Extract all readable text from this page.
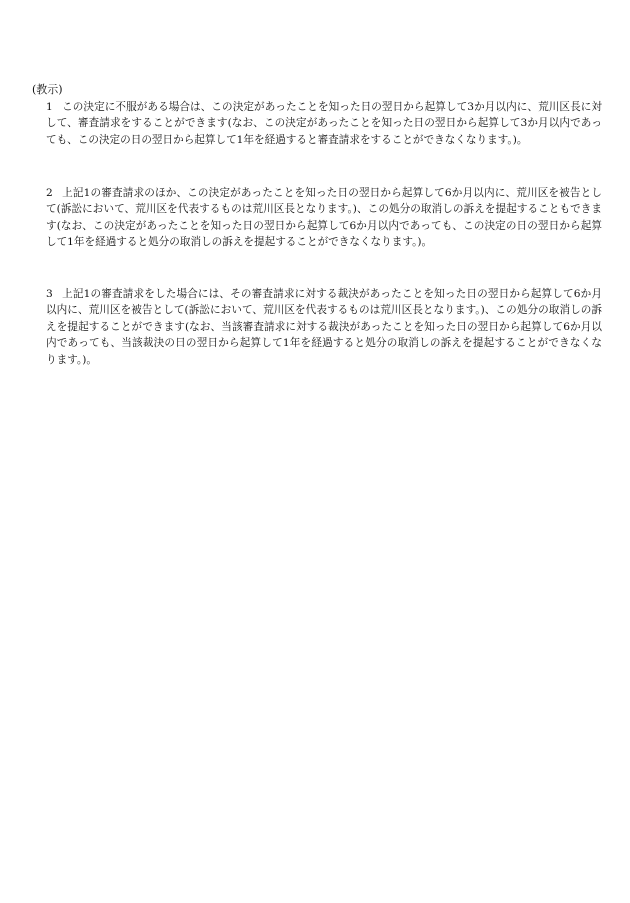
(教示)
1 この決定に不服がある場合は、この決定があったことを知った日の翌日から起算して3か月以内に、荒川区長に対して、審査請求をすることができます(なお、この決定があったことを知った日の翌日から起算して3か月以内であっても、この決定の日の翌日から起算して1年を経過すると審査請求をすることができなくなります。)。
2 上記1の審査請求のほか、この決定があったことを知った日の翌日から起算して6か月以内に、荒川区を被告として(訴訟において、荒川区を代表するものは荒川区長となります。)、この処分の取消しの訴えを提起することもできます(なお、この決定があったことを知った日の翌日から起算して6か月以内であっても、この決定の日の翌日から起算して1年を経過すると処分の取消しの訴えを提起することができなくなります。)。
3 上記1の審査請求をした場合には、その審査請求に対する裁決があったことを知った日の翌日から起算して6か月以内に、荒川区を被告として(訴訟において、荒川区を代表するものは荒川区長となります。)、この処分の取消しの訴えを提起することができます(なお、当該審査請求に対する裁決があったことを知った日の翌日から起算して6か月以内であっても、当該裁決の日の翌日から起算して1年を経過すると処分の取消しの訴えを提起することができなくなります。)。
